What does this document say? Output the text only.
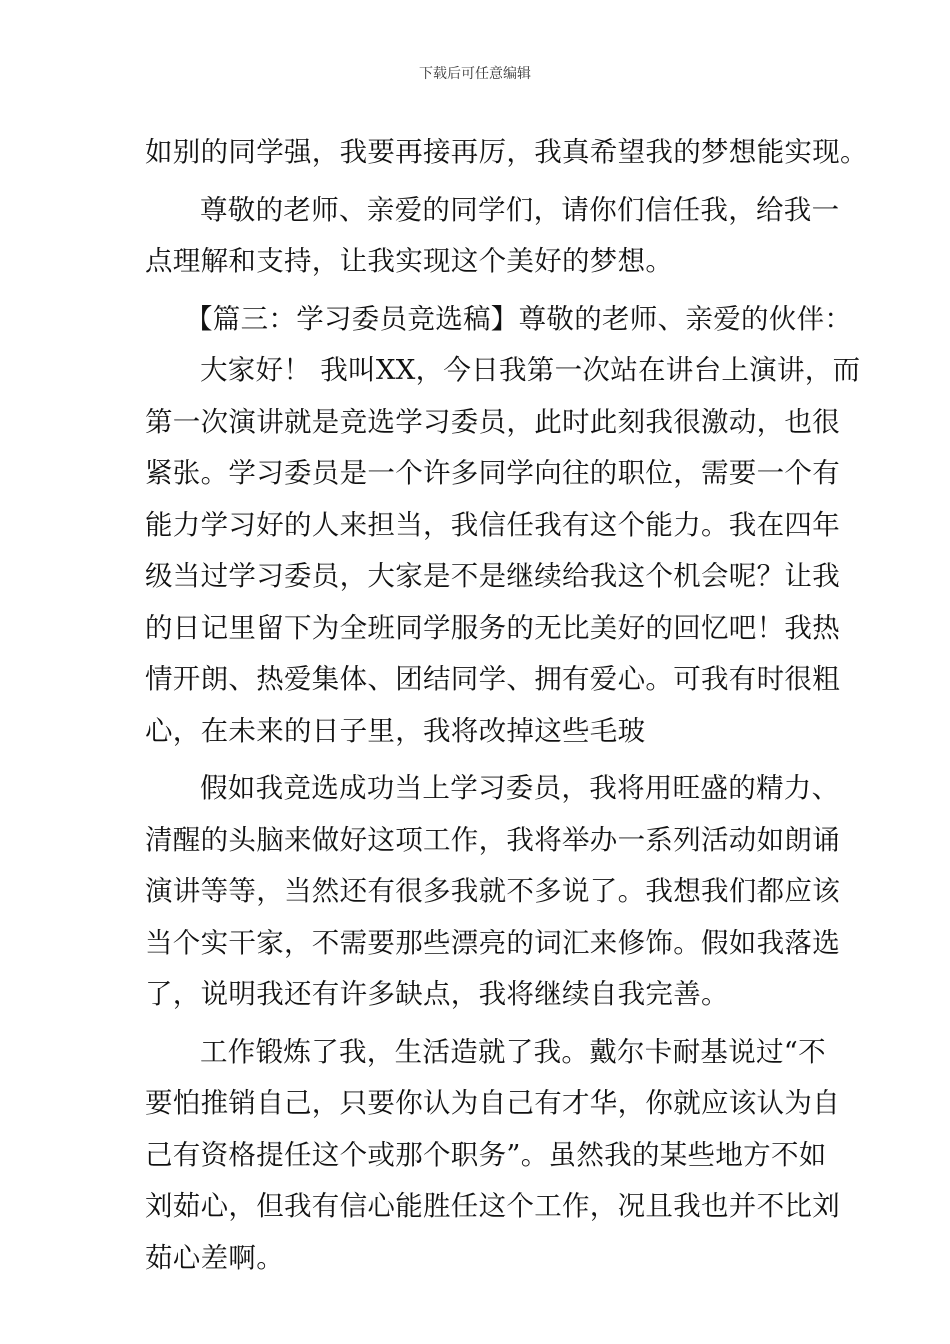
下载后可任意编辑
如别的同学强，我要再接再厉，我真希望我的梦想能实现。
尊敬的老师、亲爱的同学们，请你们信任我，给我一
点理解和支持，让我实现这个美好的梦想。
【篇三：学习委员竞选稿】尊敬的老师、亲爱的伙伴：
大家好！ 我叫XX，今日我第一次站在讲台上演讲，而
第一次演讲就是竞选学习委员，此时此刻我很激动，也很
紧张。学习委员是一个许多同学向往的职位，需要一个有
能力学习好的人来担当，我信任我有这个能力。我在四年
级当过学习委员，大家是不是继续给我这个机会呢？让我
的日记里留下为全班同学服务的无比美好的回忆吧！我热
情开朗、热爱集体、团结同学、拥有爱心。可我有时很粗
心，在未来的日子里，我将改掉这些毛玻
假如我竞选成功当上学习委员，我将用旺盛的精力、
清醒的头脑来做好这项工作，我将举办一系列活动如朗诵
演讲等等，当然还有很多我就不多说了。我想我们都应该
当个实干家，不需要那些漂亮的词汇来修饰。假如我落选
了，说明我还有许多缺点，我将继续自我完善。
工作锻炼了我，生活造就了我。戴尔卡耐基说过“不
要怕推销自己，只要你认为自己有才华，你就应该认为自
己有资格提任这个或那个职务”。虽然我的某些地方不如
刘茹心，但我有信心能胜任这个工作，况且我也并不比刘
茹心差啊。
